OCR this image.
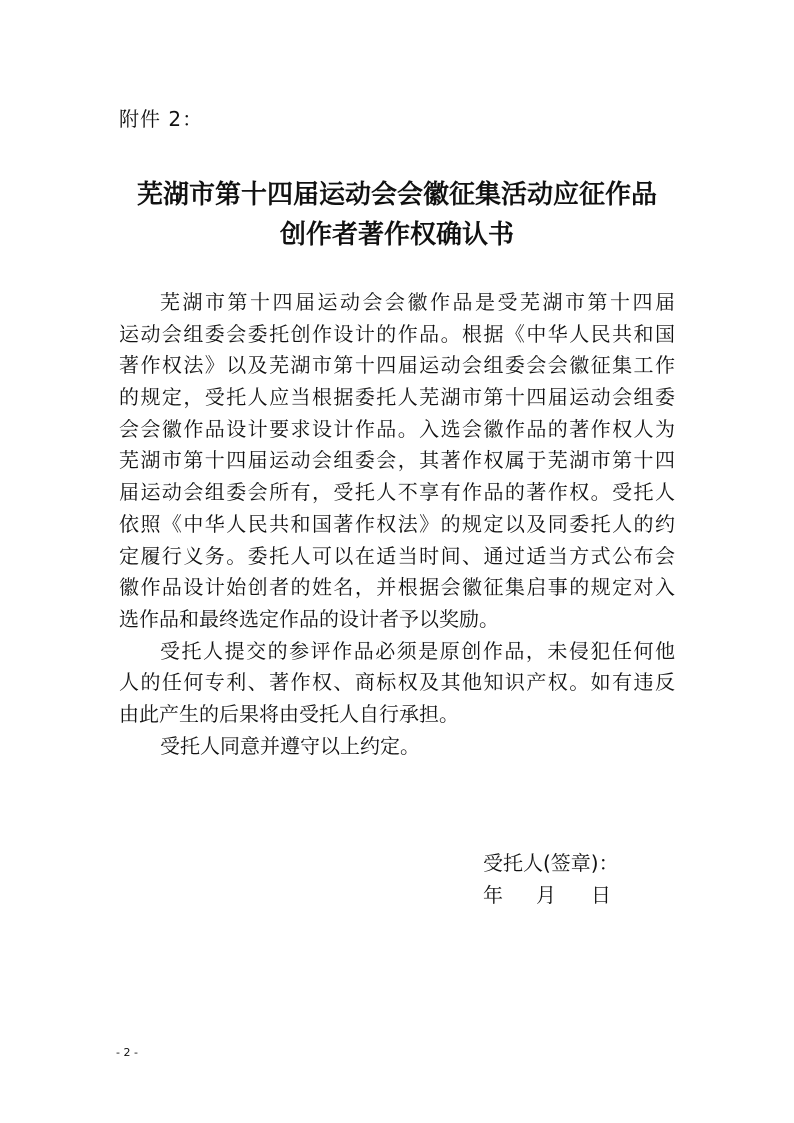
附件 2：
芜湖市第十四届运动会会徽征集活动应征作品
创作者著作权确认书
芜湖市第十四届运动会会徽作品是受芜湖市第十四届
运动会组委会委托创作设计的作品。根据《中华人民共和国
著作权法》以及芜湖市第十四届运动会组委会会徽征集工作
的规定，受托人应当根据委托人芜湖市第十四届运动会组委
会会徽作品设计要求设计作品。入选会徽作品的著作权人为
芜湖市第十四届运动会组委会，其著作权属于芜湖市第十四
届运动会组委会所有，受托人不享有作品的著作权。受托人
依照《中华人民共和国著作权法》的规定以及同委托人的约
定履行义务。委托人可以在适当时间、通过适当方式公布会
徽作品设计始创者的姓名，并根据会徽征集启事的规定对入
选作品和最终选定作品的设计者予以奖励。
受托人提交的参评作品必须是原创作品，未侵犯任何他
人的任何专利、著作权、商标权及其他知识产权。如有违反
由此产生的后果将由受托人自行承担。
受托人同意并遵守以上约定。
受托人(签章)：
年	月	日
- 2 -
